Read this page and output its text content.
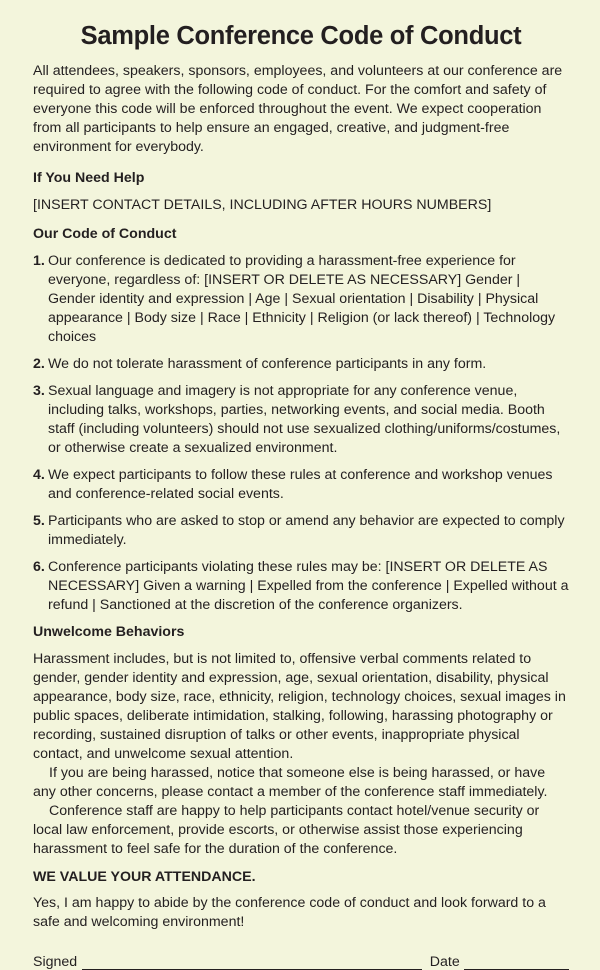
Sample Conference Code of Conduct

All attendees, speakers, sponsors, employees, and volunteers at our conference are required to agree with the following code of conduct. For the comfort and safety of everyone this code will be enforced throughout the event. We expect cooperation from all participants to help ensure an engaged, creative, and judgment-free environment for everybody.

If You Need Help

[INSERT CONTACT DETAILS, INCLUDING AFTER HOURS NUMBERS]

Our Code of Conduct
1. Our conference is dedicated to providing a harassment-free experience for everyone, regardless of: [INSERT OR DELETE AS NECESSARY] Gender | Gender identity and expression | Age | Sexual orientation | Disability | Physical appearance | Body size | Race | Ethnicity | Religion (or lack thereof) | Technology choices
2. We do not tolerate harassment of conference participants in any form.
3. Sexual language and imagery is not appropriate for any conference venue, including talks, workshops, parties, networking events, and social media. Booth staff (including volunteers) should not use sexualized clothing/uniforms/costumes, or otherwise create a sexualized environment.
4. We expect participants to follow these rules at conference and workshop venues and conference-related social events.
5. Participants who are asked to stop or amend any behavior are expected to comply immediately.
6. Conference participants violating these rules may be: [INSERT OR DELETE AS NECESSARY] Given a warning | Expelled from the conference | Expelled without a refund | Sanctioned at the discretion of the conference organizers.
Unwelcome Behaviors

Harassment includes, but is not limited to, offensive verbal comments related to gender, gender identity and expression, age, sexual orientation, disability, physical appearance, body size, race, ethnicity, religion, technology choices, sexual images in public spaces, deliberate intimidation, stalking, following, harassing photography or recording, sustained disruption of talks or other events, inappropriate physical contact, and unwelcome sexual attention.

If you are being harassed, notice that someone else is being harassed, or have any other concerns, please contact a member of the conference staff immediately.

Conference staff are happy to help participants contact hotel/venue security or local law enforcement, provide escorts, or otherwise assist those experiencing harassment to feel safe for the duration of the conference.

WE VALUE YOUR ATTENDANCE.

Yes, I am happy to abide by the conference code of conduct and look forward to a safe and welcoming environment!

Signed	Date
